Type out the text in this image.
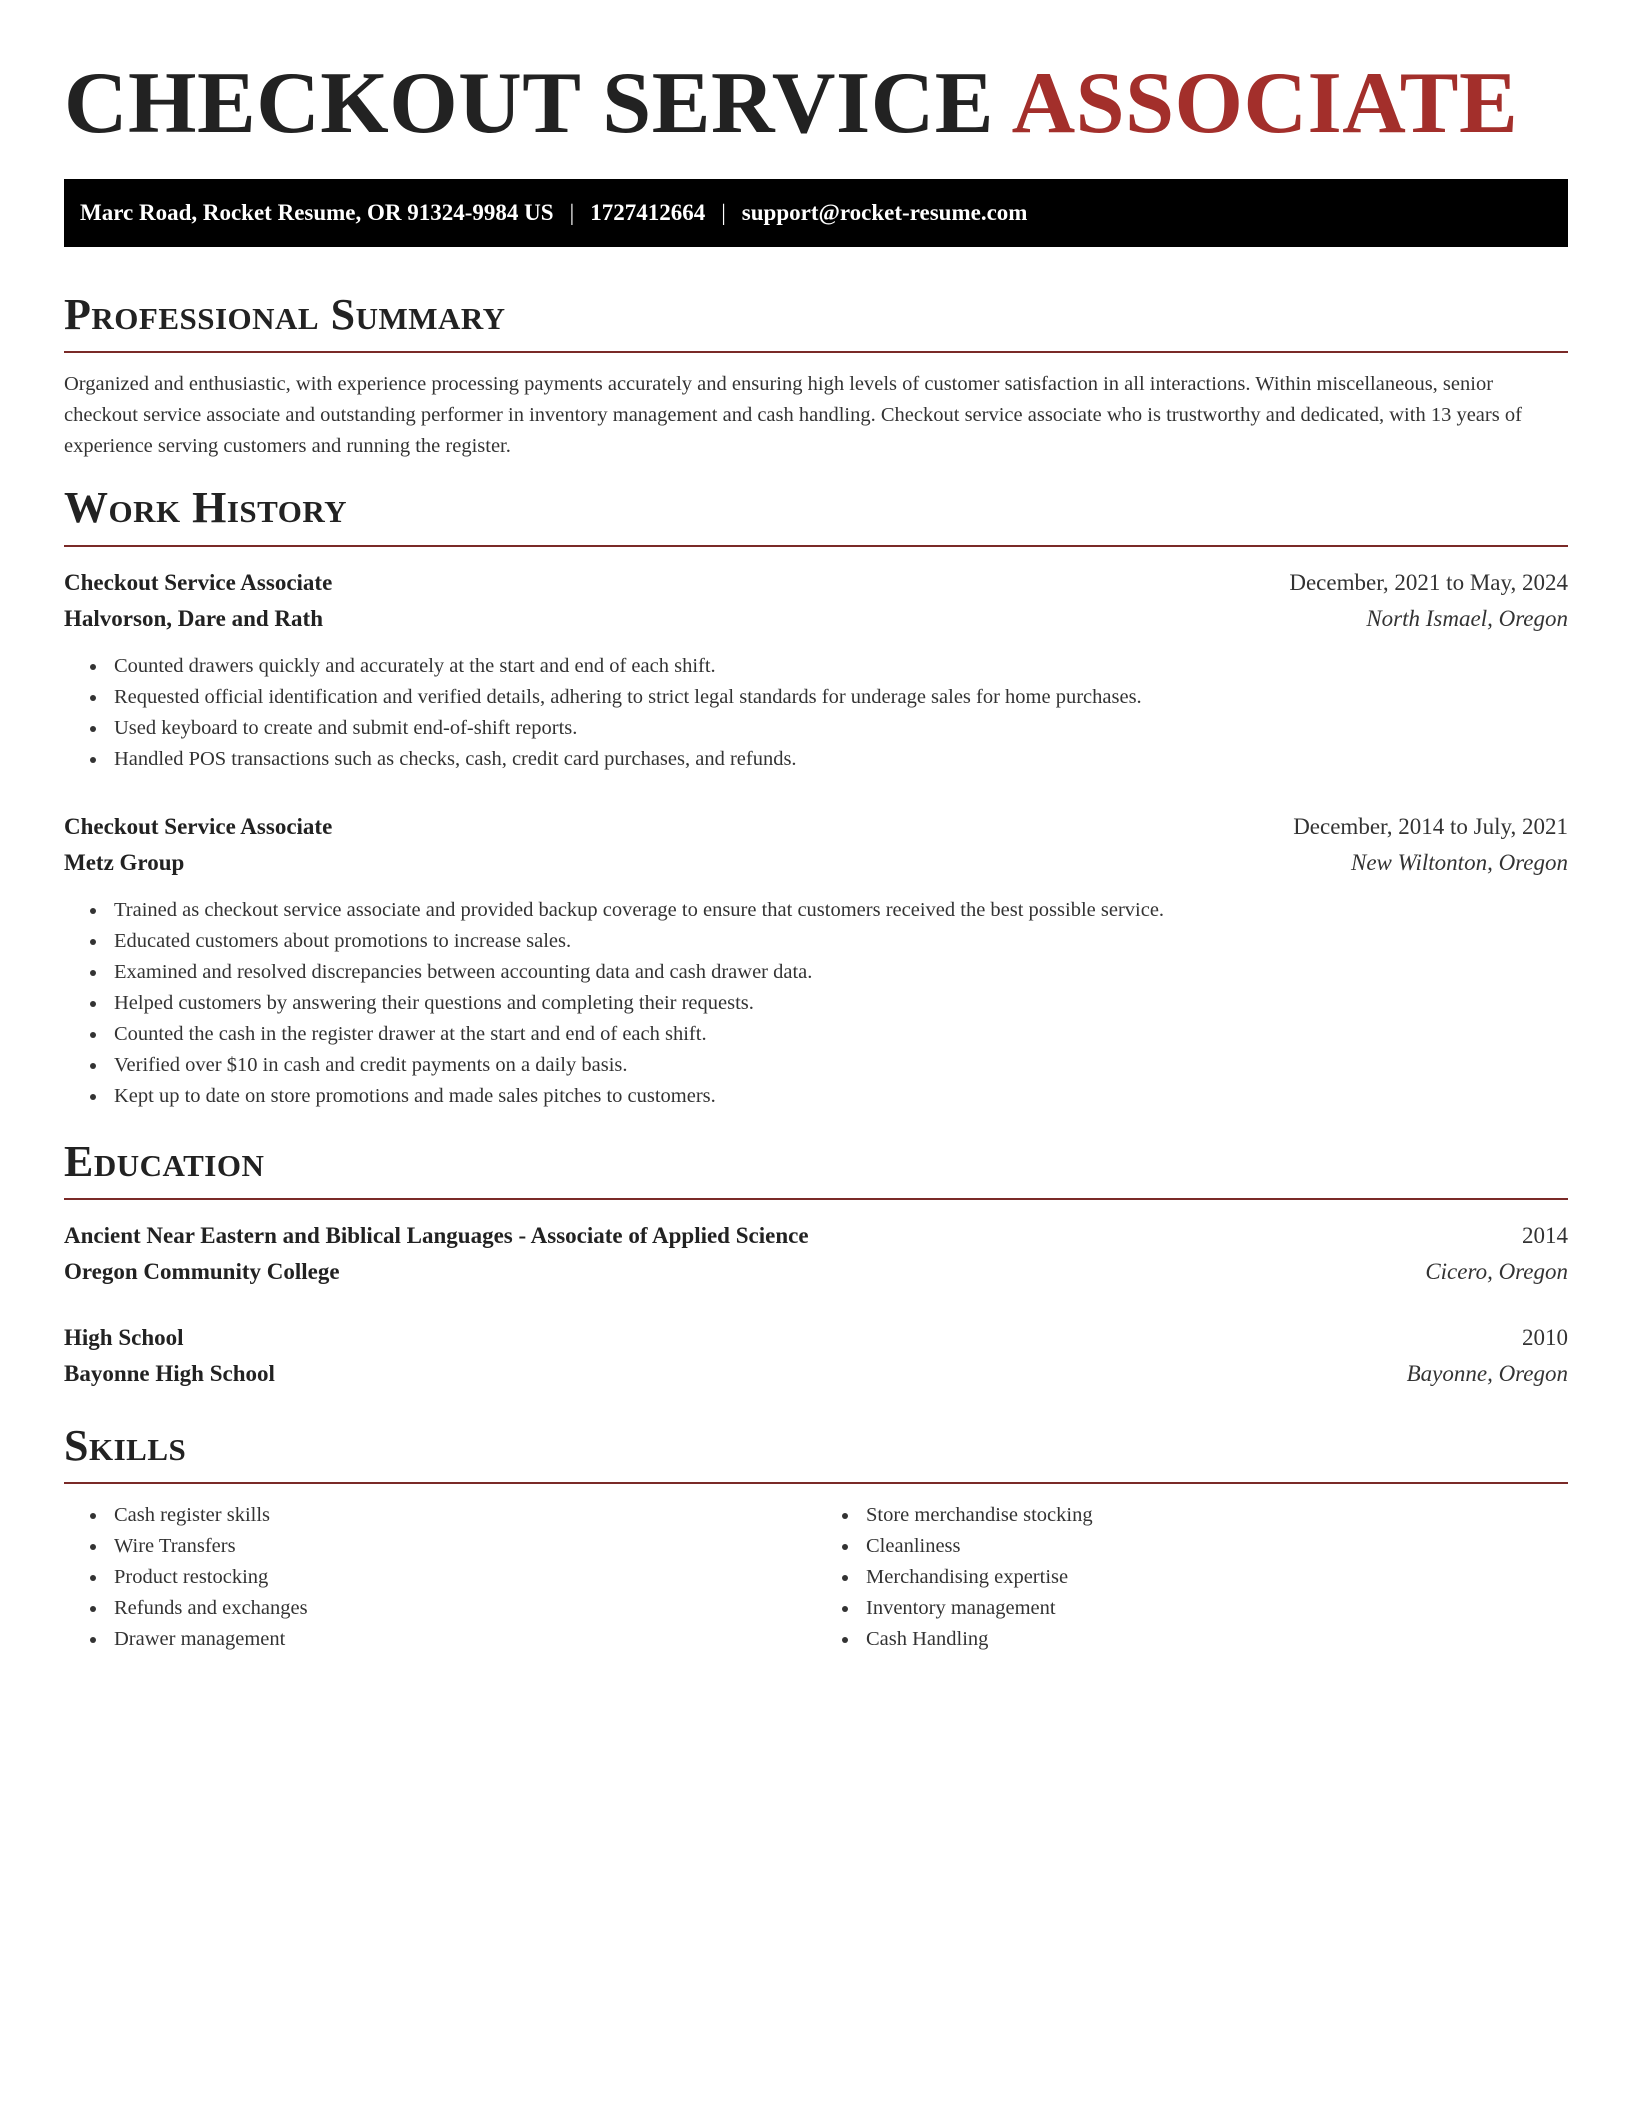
CHECKOUT SERVICE ASSOCIATE
Marc Road, Rocket Resume, OR 91324-9984 US | 1727412664 | support@rocket-resume.com
Professional Summary

Organized and enthusiastic, with experience processing payments accurately and ensuring high levels of customer satisfaction in all interactions. Within miscellaneous, senior checkout service associate and outstanding performer in inventory management and cash handling. Checkout service associate who is trustworthy and dedicated, with 13 years of experience serving customers and running the register.

Work History
Checkout Service Associate	December, 2021 to May, 2024
Halvorson, Dare and Rath	North Ismael, Oregon
• Counted drawers quickly and accurately at the start and end of each shift.
• Requested official identification and verified details, adhering to strict legal standards for underage sales for home purchases.
• Used keyboard to create and submit end-of-shift reports.
• Handled POS transactions such as checks, cash, credit card purchases, and refunds.
Checkout Service Associate	December, 2014 to July, 2021
Metz Group	New Wiltonton, Oregon
• Trained as checkout service associate and provided backup coverage to ensure that customers received the best possible service.
• Educated customers about promotions to increase sales.
• Examined and resolved discrepancies between accounting data and cash drawer data.
• Helped customers by answering their questions and completing their requests.
• Counted the cash in the register drawer at the start and end of each shift.
• Verified over $10 in cash and credit payments on a daily basis.
• Kept up to date on store promotions and made sales pitches to customers.
Education
Ancient Near Eastern and Biblical Languages - Associate of Applied Science	2014
Oregon Community College	Cicero, Oregon
High School	2010
Bayonne High School	Bayonne, Oregon
Skills
• Cash register skills
• Wire Transfers
• Product restocking
• Refunds and exchanges
• Drawer management
• Store merchandise stocking
• Cleanliness
• Merchandising expertise
• Inventory management
• Cash Handling
